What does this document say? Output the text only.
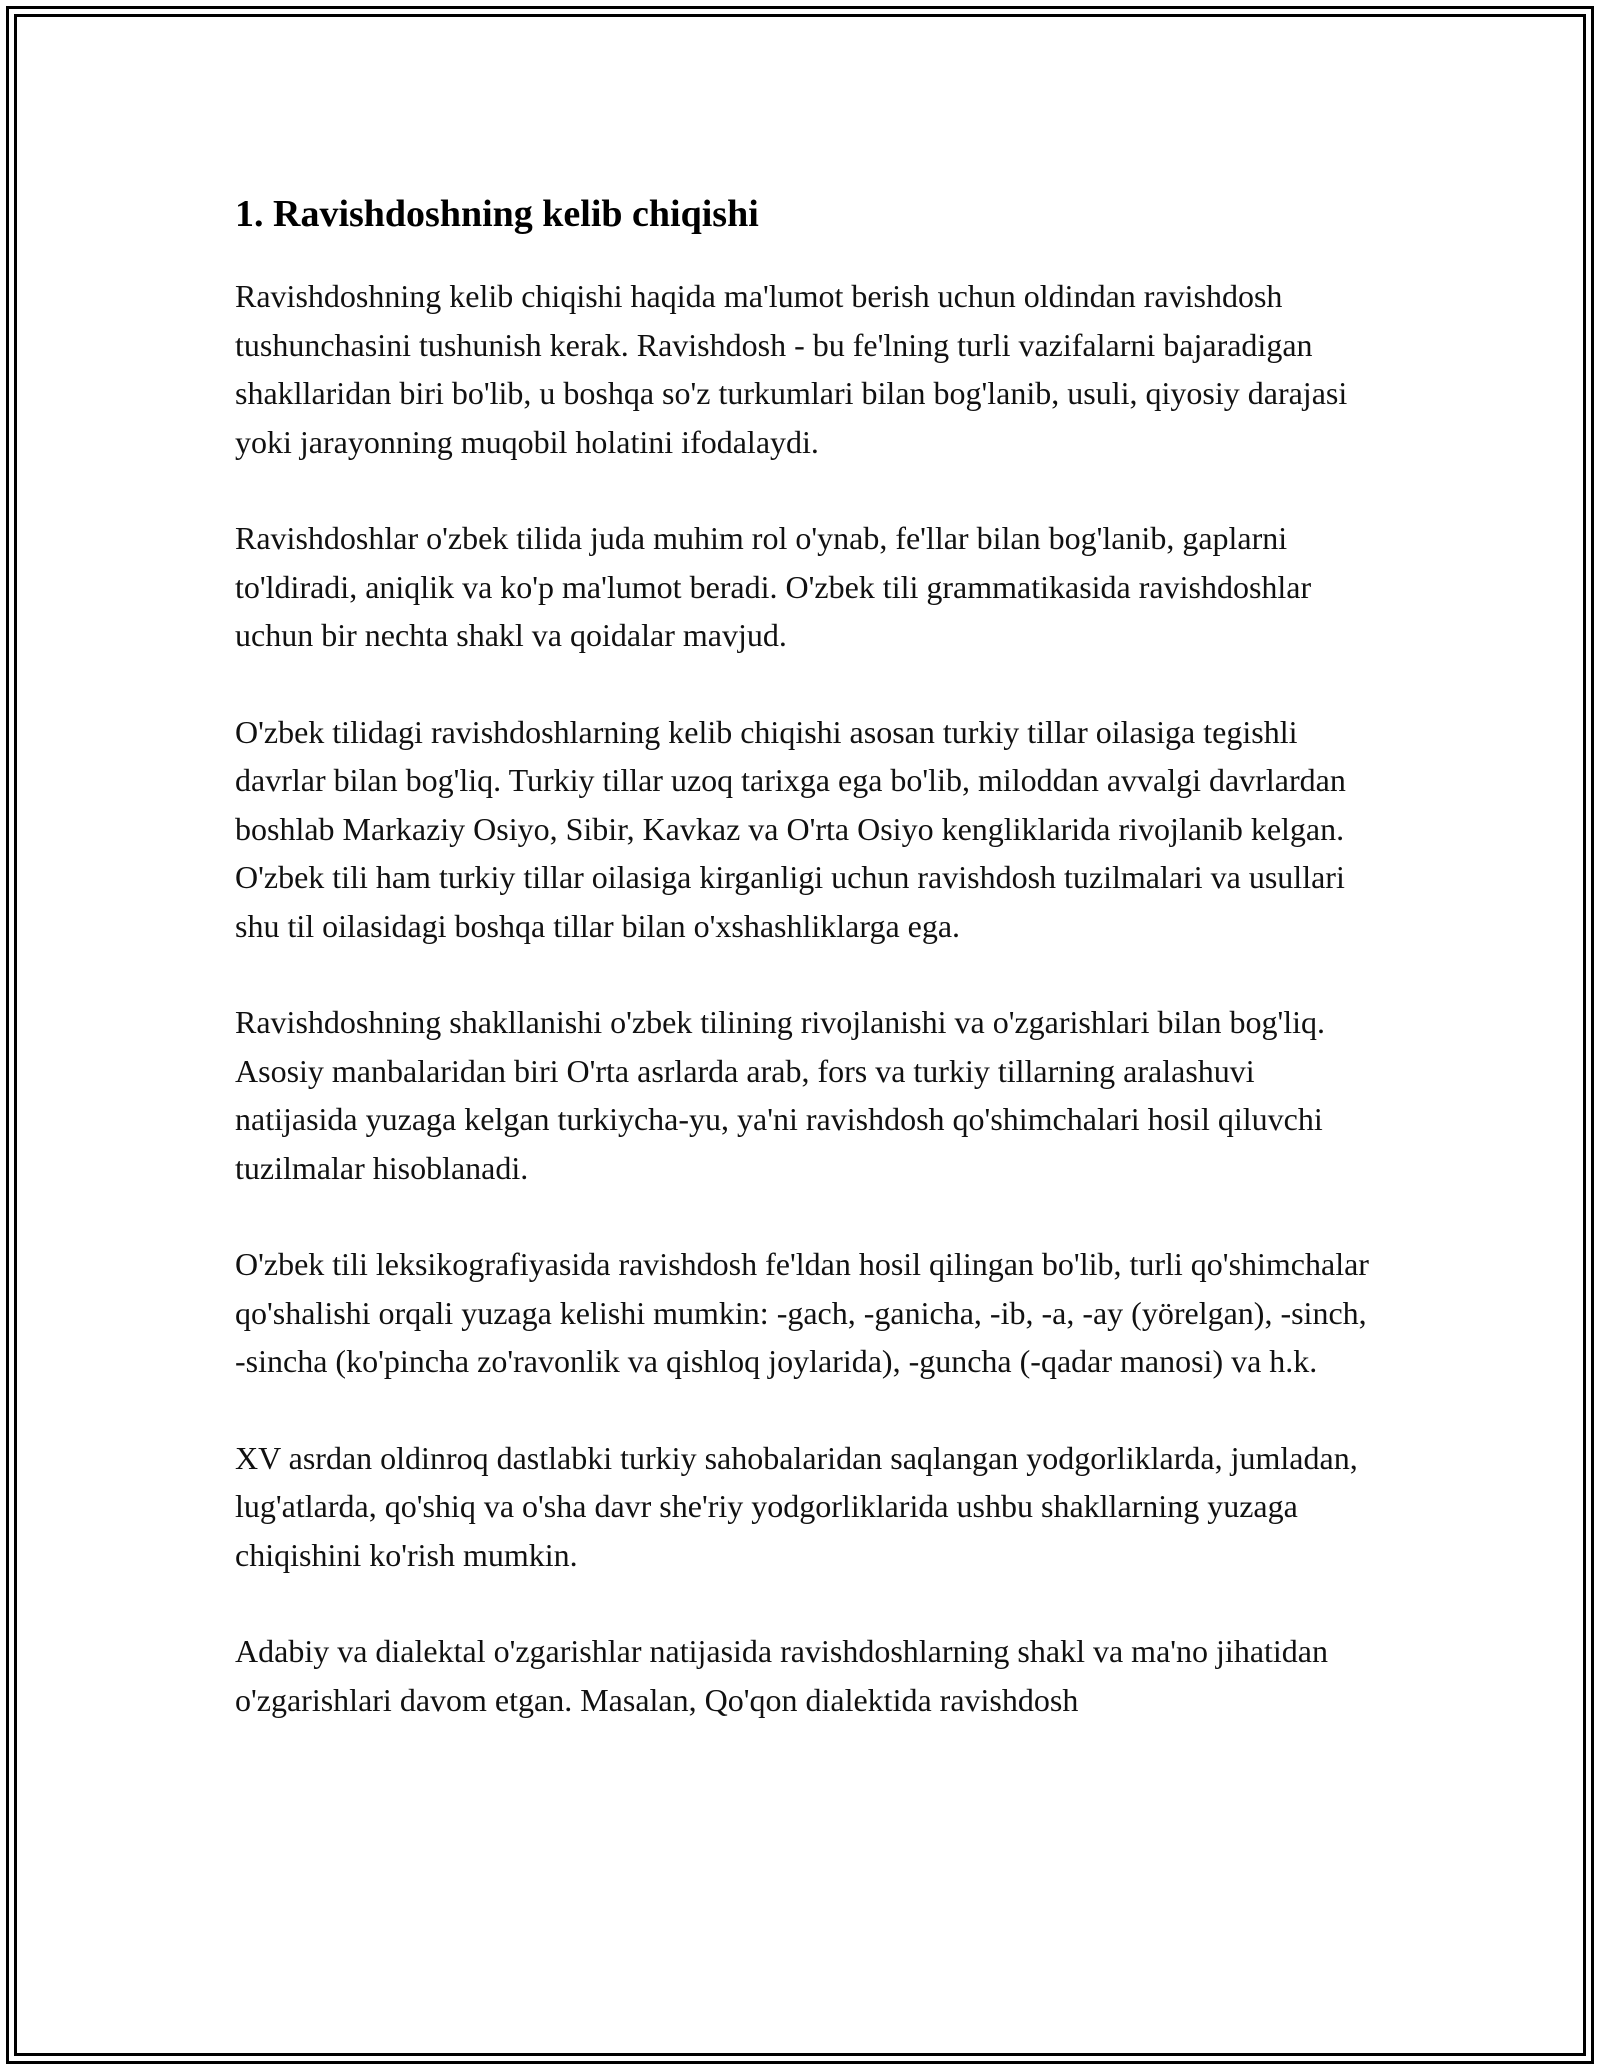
1. Ravishdoshning kelib chiqishi

Ravishdoshning kelib chiqishi haqida ma'lumot berish uchun oldindan ravishdosh tushunchasini tushunish kerak. Ravishdosh - bu fe'lning turli vazifalarni bajaradigan shakllaridan biri bo'lib, u boshqa so'z turkumlari bilan bog'lanib, usuli, qiyosiy darajasi yoki jarayonning muqobil holatini ifodalaydi.

Ravishdoshlar o'zbek tilida juda muhim rol o'ynab, fe'llar bilan bog'lanib, gaplarni to'ldiradi, aniqlik va ko'p ma'lumot beradi. O'zbek tili grammatikasida ravishdoshlar uchun bir nechta shakl va qoidalar mavjud.

O'zbek tilidagi ravishdoshlarning kelib chiqishi asosan turkiy tillar oilasiga tegishli davrlar bilan bog'liq. Turkiy tillar uzoq tarixga ega bo'lib, miloddan avvalgi davrlardan boshlab Markaziy Osiyo, Sibir, Kavkaz va O'rta Osiyo kengliklarida rivojlanib kelgan. O'zbek tili ham turkiy tillar oilasiga kirganligi uchun ravishdosh tuzilmalari va usullari shu til oilasidagi boshqa tillar bilan o'xshashliklarga ega.

Ravishdoshning shakllanishi o'zbek tilining rivojlanishi va o'zgarishlari bilan bog'liq. Asosiy manbalaridan biri O'rta asrlarda arab, fors va turkiy tillarning aralashuvi natijasida yuzaga kelgan turkiycha-yu, ya'ni ravishdosh qo'shimchalari hosil qiluvchi tuzilmalar hisoblanadi.

O'zbek tili leksikografiyasida ravishdosh fe'ldan hosil qilingan bo'lib, turli qo'shimchalar qo'shalishi orqali yuzaga kelishi mumkin: -gach, -ganicha, -ib, -a, -ay (yörelgan), -sinch, -sincha (ko'pincha zo'ravonlik va qishloq joylarida), -guncha (-qadar manosi) va h.k.

XV asrdan oldinroq dastlabki turkiy sahobalaridan saqlangan yodgorliklarda, jumladan, lug'atlarda, qo'shiq va o'sha davr she'riy yodgorliklarida ushbu shakllarning yuzaga chiqishini ko'rish mumkin.

Adabiy va dialektal o'zgarishlar natijasida ravishdoshlarning shakl va ma'no jihatidan o'zgarishlari davom etgan. Masalan, Qo'qon dialektida ravishdosh
